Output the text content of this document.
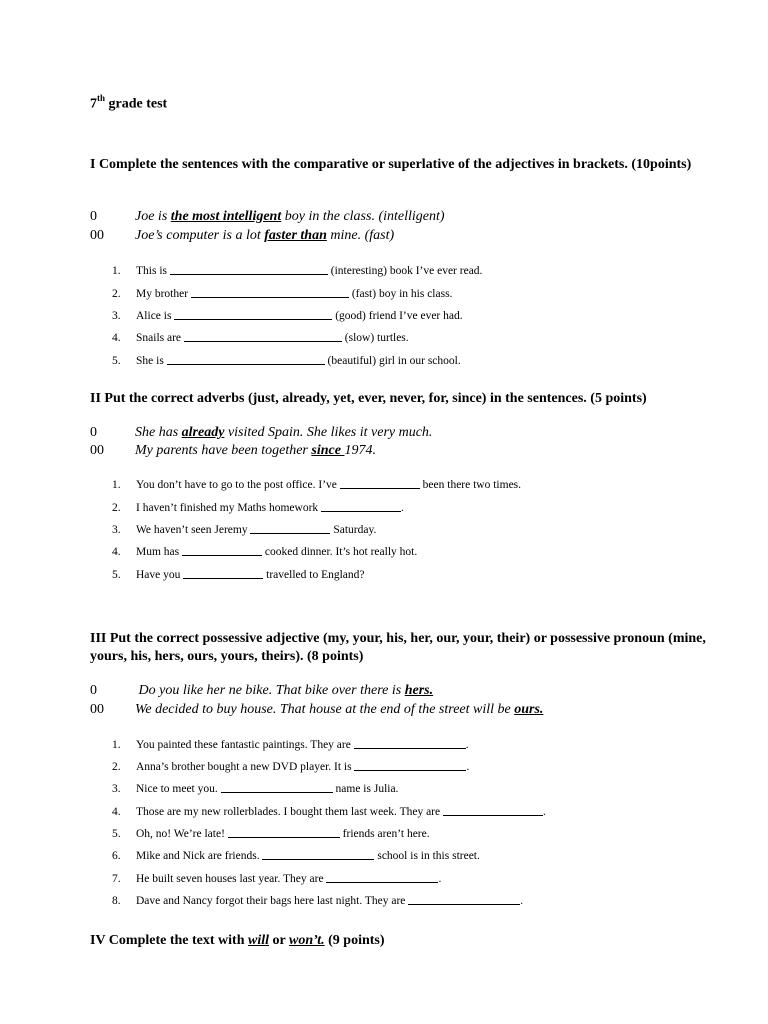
7th grade test
I Complete the sentences with the comparative or superlative of the adjectives in brackets. (10points)
0	Joe is the most intelligent boy in the class. (intelligent)
00 Joe’s computer is a lot faster than mine. (fast)
1. This is	(interesting) book I’ve ever read.
2. My brother	(fast) boy in his class.
3. Alice is	(good) friend I’ve ever had.
4. Snails are	(slow) turtles.
5. She is	(beautiful) girl in our school.
II Put the correct adverbs (just, already, yet, ever, never, for, since) in the sentences. (5 points)
0	She has already visited Spain. She likes it very much.
00 My parents have been together since 1974.
1. You don’t have to go to the post office. I’ve	been there two times.
2. I haven’t finished my Maths homework	.
3. We haven’t seen Jeremy	Saturday.
4. Mum has	cooked dinner. It’s hot really hot.
5. Have you	travelled to England?
III Put the correct possessive adjective (my, your, his, her, our, your, their) or possessive pronoun (mine, yours, his, hers, ours, yours, theirs). (8 points)
0	Do you like her ne bike. That bike over there is hers.
00 We decided to buy house. That house at the end of the street will be ours.
1. You painted these fantastic paintings. They are	.
2. Anna’s brother bought a new DVD player. It is	.
3. Nice to meet you.	name is Julia.
4. Those are my new rollerblades. I bought them last week. They are	.
5. Oh, no! We’re late!	friends aren’t here.
6. Mike and Nick are friends.	school is in this street.
7. He built seven houses last year. They are	.
8. Dave and Nancy forgot their bags here last night. They are	.
IV Complete the text with will or won’t. (9 points)
